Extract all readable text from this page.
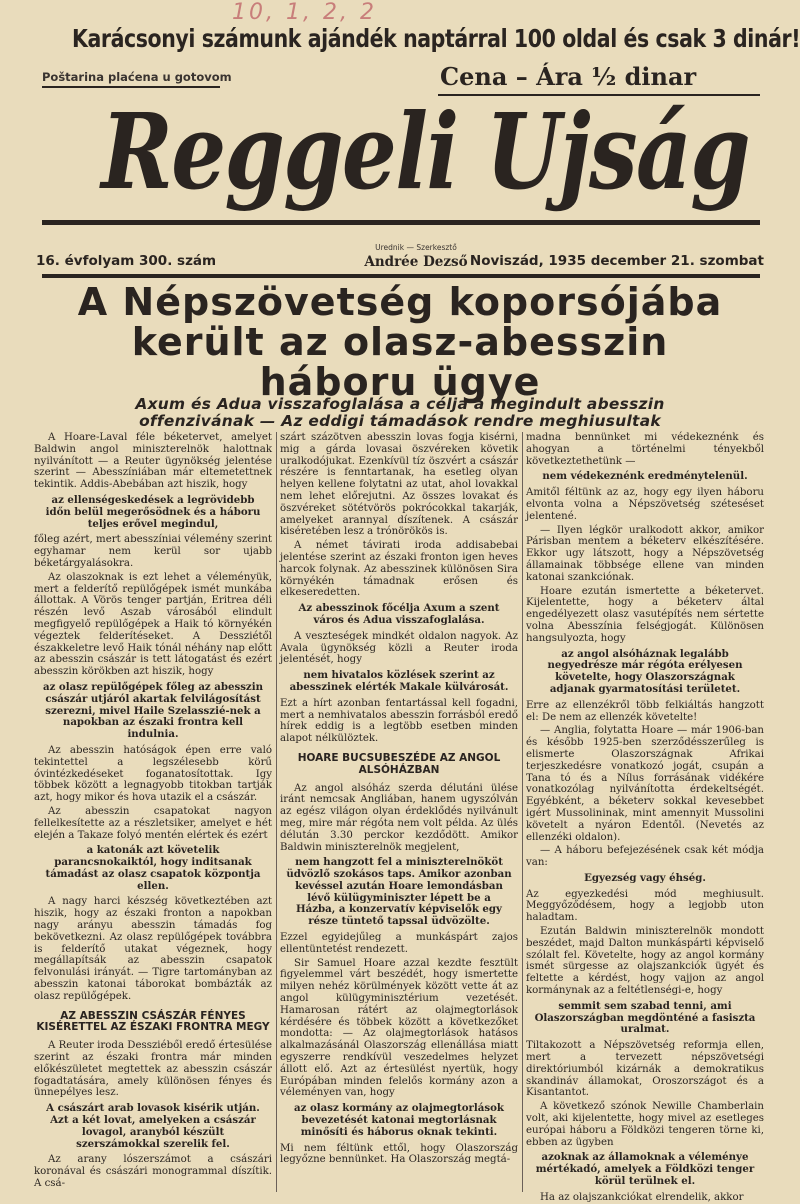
10, 1, 2, 2
Karácsonyi számunk ajándék naptárral 100 oldal és csak 3 dinár!
Poštarina plaćena u gotovom	Cena – Ára ½ dinar
Reggeli Ujság
16. évfolyam 300. szám
Urednik — Szerkesztő
Andrée Dezső Noviszád, 1935 december 21. szombat
A Népszövetség koporsójába
került az olasz-abesszin
háboru ügye
Axum és Adua visszafoglalása a célja a megindult abesszin
offenzivának — Az eddigi támadások rendre meghiusultak

A Hoare-Laval féle béketervet, amelyet Baldwin angol miniszterelnök halottnak nyilvánított — a Reuter ügynökség jelentése szerint — Abesszíniában már eltemetettnek tekintik. Addis-Abebában azt hiszik, hogy

az ellenségeskedések a legrövidebb időn belül megerősödnek és a háboru teljes erővel megindul,

főleg azért, mert abesszíniai vélemény szerint egyhamar nem kerül sor ujabb béketárgyalásokra.

Az olaszoknak is ezt lehet a véleményük, mert a felderítő repülőgépek ismét munkába állottak. A Vörös tenger partján, Eritrea déli részén levő Aszab városából elindult megfigyelő repülőgépek a Haik tó környékén végeztek felderítéseket. A Dessziétől északkeletre levő Haik tónál néhány nap előtt az abesszin császár is tett látogatást és ezért abesszin körökben azt hiszik, hogy

az olasz repülőgépek főleg az abesszin császár utjáról akartak felvilágosítást szerezni, mivel Haile Szelasszié-nek a napokban az északi frontra kell indulnia.

Az abesszin hatóságok épen erre való tekintettel a legszélesebb körű óvintézkedéseket foganatosítottak. Igy többek között a legnagyobb titokban tartják azt, hogy mikor és hova utazik el a császár.

Az abesszin csapatokat nagyon fellelkesítette az a részletsiker, amelyet e hét elején a Takaze folyó mentén elértek és ezért

a katonák azt követelik parancsnokaiktól, hogy inditsanak támadást az olasz csapatok központja ellen.

A nagy harci készség következtében azt hiszik, hogy az északi fronton a napokban nagy arányu abesszin támadás fog bekövetkezni. Az olasz repülőgépek továbbra is felderítő utakat végeznek, hogy megállapítsák az abesszin csapatok felvonulási irányát. — Tigre tartományban az abesszin katonai táborokat bombázták az olasz repülőgépek.

AZ ABESSZIN CSÁSZÁR FÉNYES KISÉRETTEL AZ ÉSZAKI FRONTRA MEGY

A Reuter iroda Dessziéből eredő értesülése szerint az északi frontra már minden előkészületet megtettek az abesszin császár fogadtatására, amely különösen fényes és ünnepélyes lesz.

A császárt arab lovasok kisérik utján. Azt a két lovat, amelyeken a császár lovagol, aranyból készült szerszámokkal szerelik fel.

Az arany lószerszámot a császári koronával és császári monogrammal díszítik. A csá-

szárt százötven abesszin lovas fogja kisérni, mig a gárda lovasai öszvéreken követik uralkodójukat. Ezenkívül tíz öszvért a császár részére is fenntartanak, ha esetleg olyan helyen kellene folytatni az utat, ahol lovakkal nem lehet előrejutni. Az összes lovakat és öszvéreket sötétvörös pokrócokkal takarják, amelyeket arannyal díszítenek. A császár kiséretében lesz a trónörökös is.

A német távirati iroda addisabebai jelentése szerint az északi fronton igen heves harcok folynak. Az abesszinek különösen Sira környékén támadnak erősen és elkeseredetten.

Az abesszinok főcélja Axum a szent város és Adua visszafoglalása.

A veszteségek mindkét oldalon nagyok. Az Avala ügynökség közli a Reuter iroda jelentését, hogy

nem hivatalos közlések szerint az abesszinek elérték Makale külvárosát.

Ezt a hírt azonban fentartással kell fogadni, mert a nemhivatalos abesszin forrásból eredő hírek eddig is a legtöbb esetben minden alapot nélkülöztek.

HOARE BUCSUBESZÉDE AZ ANGOL ALSÓHÁZBAN

Az angol alsóház szerda délutáni ülése iránt nemcsak Angliában, hanem ugyszólván az egész világon olyan érdeklődés nyilvánult meg, mire már régóta nem volt példa. Az ülés délután 3.30 perckor kezdődött. Amikor Baldwin miniszterelnök megjelent,

nem hangzott fel a miniszterelnököt üdvözlő szokásos taps. Amikor azonban kevéssel azután Hoare lemondásban lévő külügyminiszter lépett be a Házba, a konzervatív képviselők egy része tüntető tapssal üdvözölte.

Ezzel egyidejűleg a munkáspárt zajos ellentüntetést rendezett.

Sir Samuel Hoare azzal kezdte fesztült figyelemmel várt beszédét, hogy ismertette milyen nehéz körülmények között vette át az angol külügyminisztérium vezetését. Hamarosan rátért az olajmegtorlások kérdésére és többek között a következőket mondotta: — Az olajmegtorlások hatásos alkalmazásánál Olaszország ellenállása miatt egyszerre rendkívül veszedelmes helyzet állott elő. Azt az értesülést nyertük, hogy Európában minden felelős kormány azon a véleményen van, hogy

az olasz kormány az olajmegtorlások bevezetését katonai megtorlásnak minősíti és háborus oknak tekinti.

Mi nem féltünk ettől, hogy Olaszország legyőzne bennünket. Ha Olaszország megtá-

madna bennünket mi védekeznénk és ahogyan a történelmi tényekből következtethetünk —

nem védekeznénk eredménytelenül.

Amitől féltünk az az, hogy egy ilyen háboru elvonta volna a Népszövetség széteséset jelentené.

— Ilyen légkör uralkodott akkor, amikor Párisban mentem a béketerv elkészítésére. Ekkor ugy látszott, hogy a Népszövetség államainak többsége ellene van minden katonai szankciónak.

Hoare ezután ismertette a béketervet. Kijelentette, hogy a béketerv által engedélyezett olasz vasutépítés nem sértette volna Abesszínia felségjogát. Különösen hangsulyozta, hogy

az angol alsóháznak legalább negyedrésze már régóta erélyesen követelte, hogy Olaszországnak adjanak gyarmatosítási területet.

Erre az ellenzékről több felkiáltás hangzott el: De nem az ellenzék követelte!

— Anglia, folytatta Hoare — már 1906-ban és később 1925-ben szerződésszerűleg is elismerte Olaszországnak Afrikai terjeszkedésre vonatkozó jogát, csupán a Tana tó és a Nílus forrásának vidékére vonatkozólag nyilvánította érdekeltségét. Egyébként, a béketerv sokkal kevesebbet igért Mussolininak, mint amennyit Mussolini követelt a nyáron Edentől. (Nevetés az ellenzéki oldalon).

— A háboru befejezésének csak két módja van:

Egyezség vagy éhség.

Az egyezkedési mód meghiusult. Meggyőződésem, hogy a legjobb uton haladtam.

Ezután Baldwin miniszterelnök mondott beszédet, majd Dalton munkáspárti képviselő szólalt fel. Követelte, hogy az angol kormány ismét sürgesse az olajszankciók ügyét és feltette a kérdést, hogy vajjon az angol kormánynak az a feltétlenségi-e, hogy

semmit sem szabad tenni, ami Olaszországban megdönténé a fasiszta uralmat.

Tiltakozott a Népszövetség reformja ellen, mert a tervezett népszövetségi direktóriumból kizárnák a demokratikus skandináv államokat, Oroszországot és a Kisantantot.

A következő szónok Newille Chamberlain volt, aki kijelentette, hogy mivel az esetleges európai háboru a Földközi tengeren törne ki, ebben az ügyben

azoknak az államoknak a véleménye mértékadó, amelyek a Földközi tenger körül terülnek el.

Ha az olajszankciókat elrendelik, akkor
